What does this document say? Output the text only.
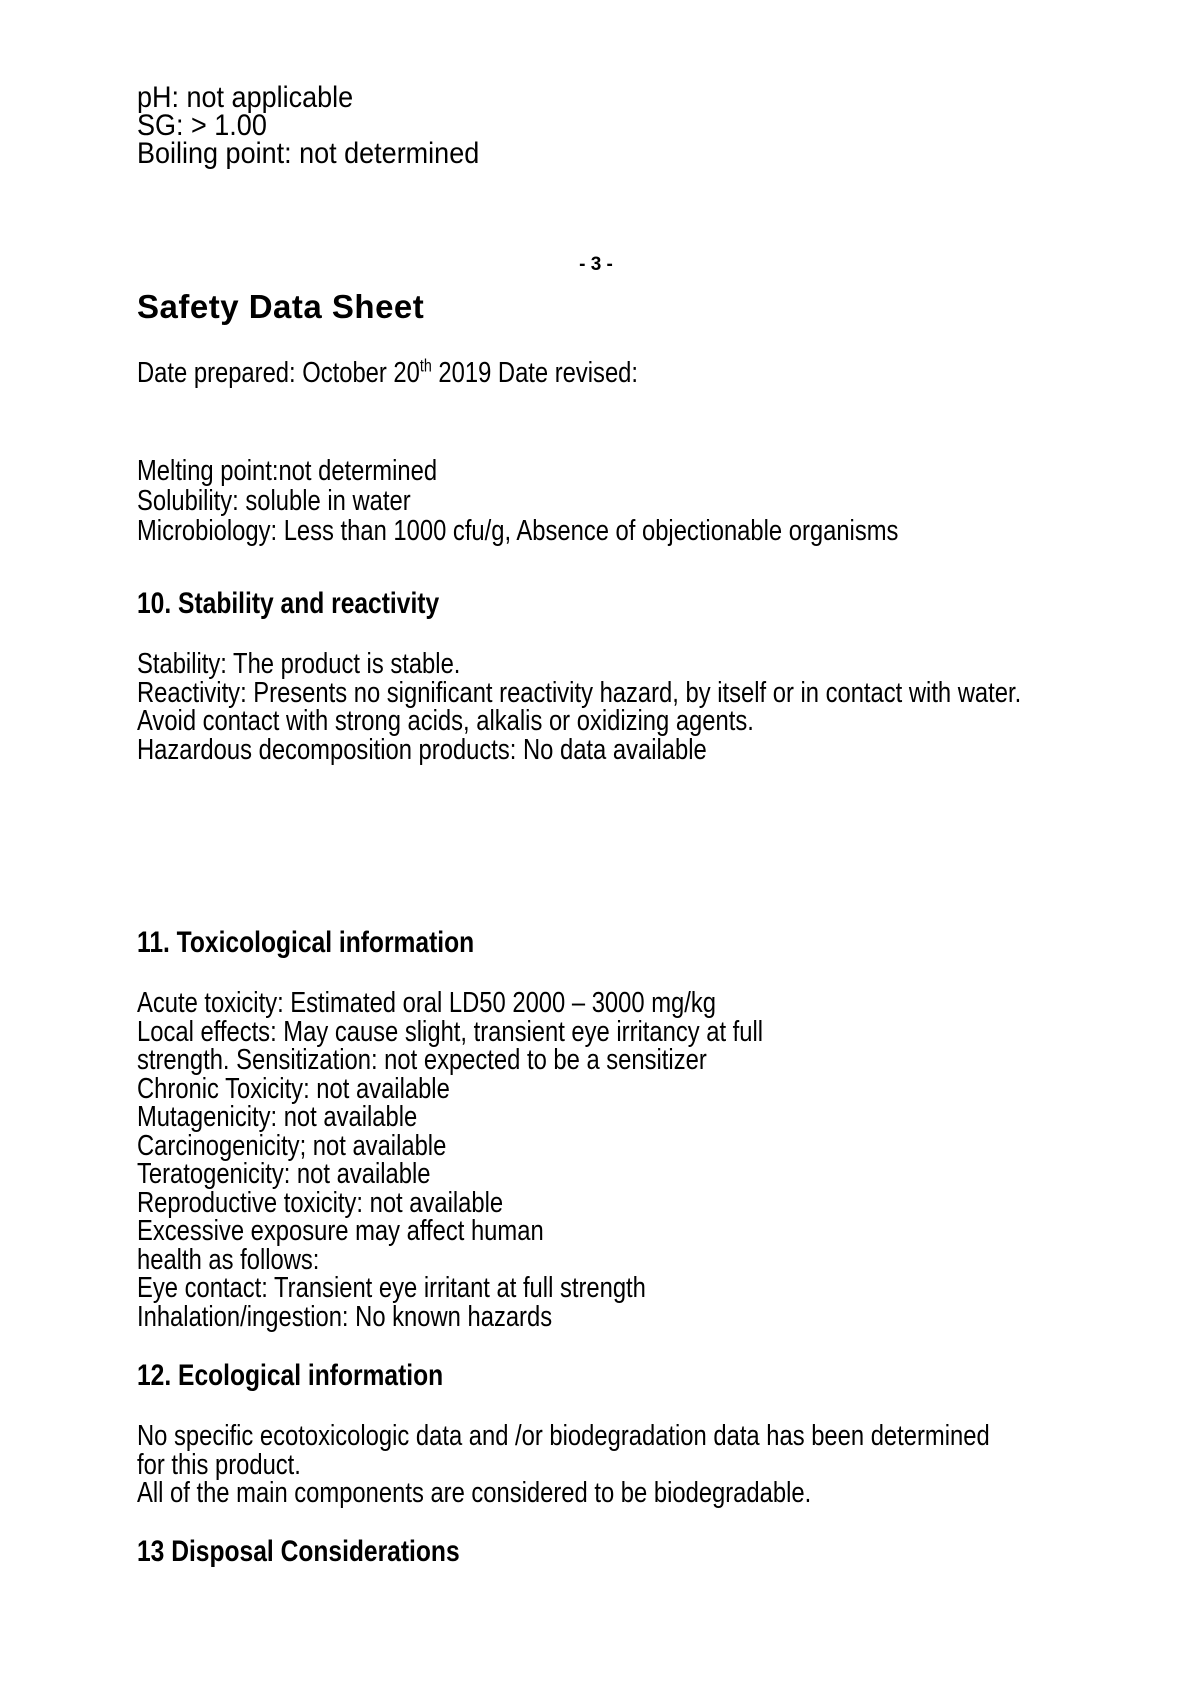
pH: not applicable
SG: > 1.00
Boiling point: not determined
- 3 -
Safety Data Sheet
Date prepared: October 20th 2019 Date revised:
Melting point:not determined
Solubility: soluble in water
Microbiology: Less than 1000 cfu/g, Absence of objectionable organisms
10. Stability and reactivity
Stability: The product is stable.
Reactivity: Presents no significant reactivity hazard, by itself or in contact with water.
Avoid contact with strong acids, alkalis or oxidizing agents.
Hazardous decomposition products: No data available
11. Toxicological information
Acute toxicity: Estimated oral LD50 2000 – 3000 mg/kg
Local effects: May cause slight, transient eye irritancy at full
strength. Sensitization: not expected to be a sensitizer
Chronic Toxicity: not available
Mutagenicity: not available
Carcinogenicity; not available
Teratogenicity: not available
Reproductive toxicity: not available
Excessive exposure may affect human
health as follows:
Eye contact: Transient eye irritant at full strength
Inhalation/ingestion: No known hazards
12. Ecological information
No specific ecotoxicologic data and /or biodegradation data has been determined
for this product.
All of the main components are considered to be biodegradable.
13 Disposal Considerations
